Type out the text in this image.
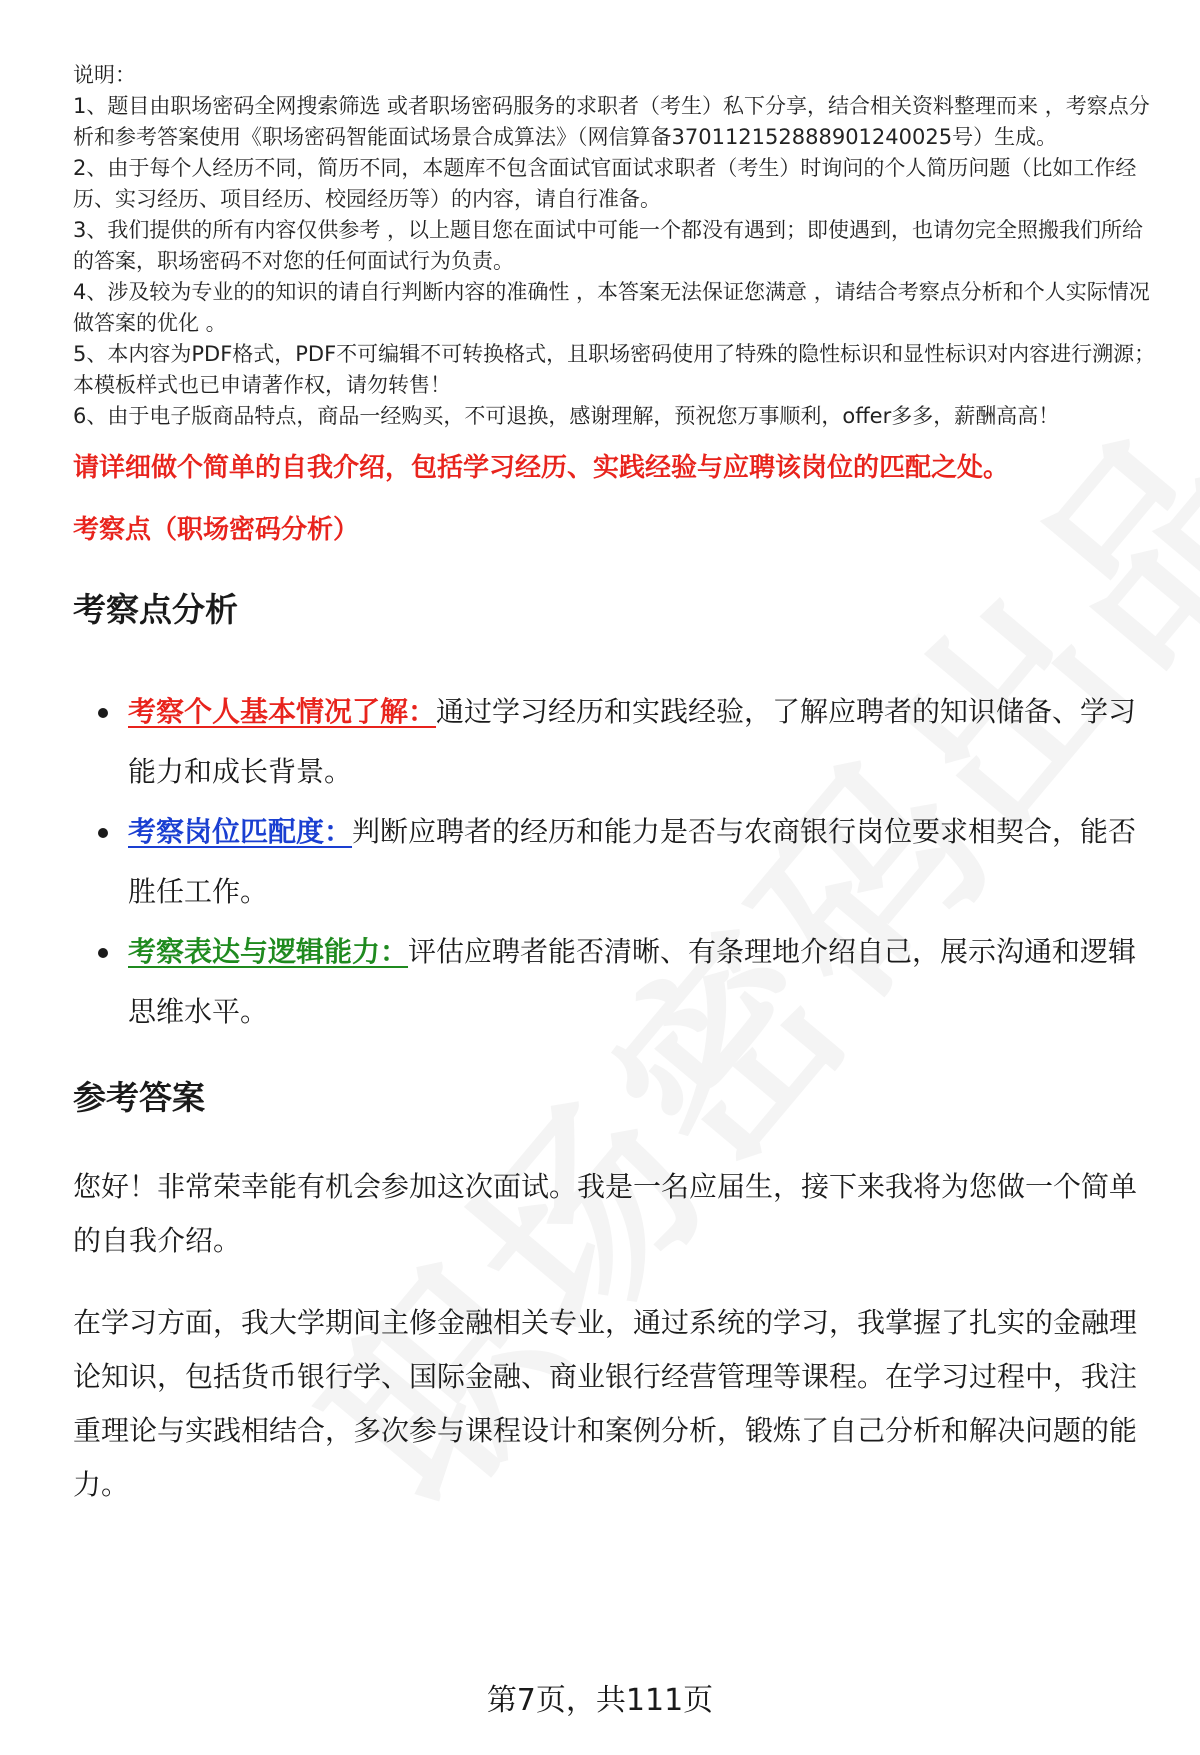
说明：

1、题目由职场密码全网搜索筛选 或者职场密码服务的求职者（考生）私下分享，结合相关资料整理而来 ，考察点分析和参考答案使用《职场密码智能面试场景合成算法》（网信算备370112152888901240025号）生成。

2、由于每个人经历不同，简历不同，本题库不包含面试官面试求职者（考生）时询问的个人简历问题（比如工作经历、实习经历、项目经历、校园经历等）的内容，请自行准备。

3、我们提供的所有内容仅供参考 ，以上题目您在面试中可能一个都没有遇到；即使遇到，也请勿完全照搬我们所给的答案，职场密码不对您的任何面试行为负责。

4、涉及较为专业的的知识的请自行判断内容的准确性 ，本答案无法保证您满意 ，请结合考察点分析和个人实际情况做答案的优化 。

5、本内容为PDF格式，PDF不可编辑不可转换格式，且职场密码使用了特殊的隐性标识和显性标识对内容进行溯源；本模板样式也已申请著作权，请勿转售！

6、由于电子版商品特点，商品一经购买，不可退换，感谢理解，预祝您万事顺利，offer多多，薪酬高高！

请详细做个简单的自我介绍，包括学习经历、实践经验与应聘该岗位的匹配之处。
考察点（职场密码分析）
考察点分析
考察个人基本情况了解：通过学习经历和实践经验，了解应聘者的知识储备、学习能力和成长背景。
考察岗位匹配度：判断应聘者的经历和能力是否与农商银行岗位要求相契合，能否胜任工作。
考察表达与逻辑能力：评估应聘者能否清晰、有条理地介绍自己，展示沟通和逻辑思维水平。
参考答案

您好！非常荣幸能有机会参加这次面试。我是一名应届生，接下来我将为您做一个简单的自我介绍。

在学习方面，我大学期间主修金融相关专业，通过系统的学习，我掌握了扎实的金融理论知识，包括货币银行学、国际金融、商业银行经营管理等课程。在学习过程中，我注重理论与实践相结合，多次参与课程设计和案例分析，锻炼了自己分析和解决问题的能力。

第7页，共111页
